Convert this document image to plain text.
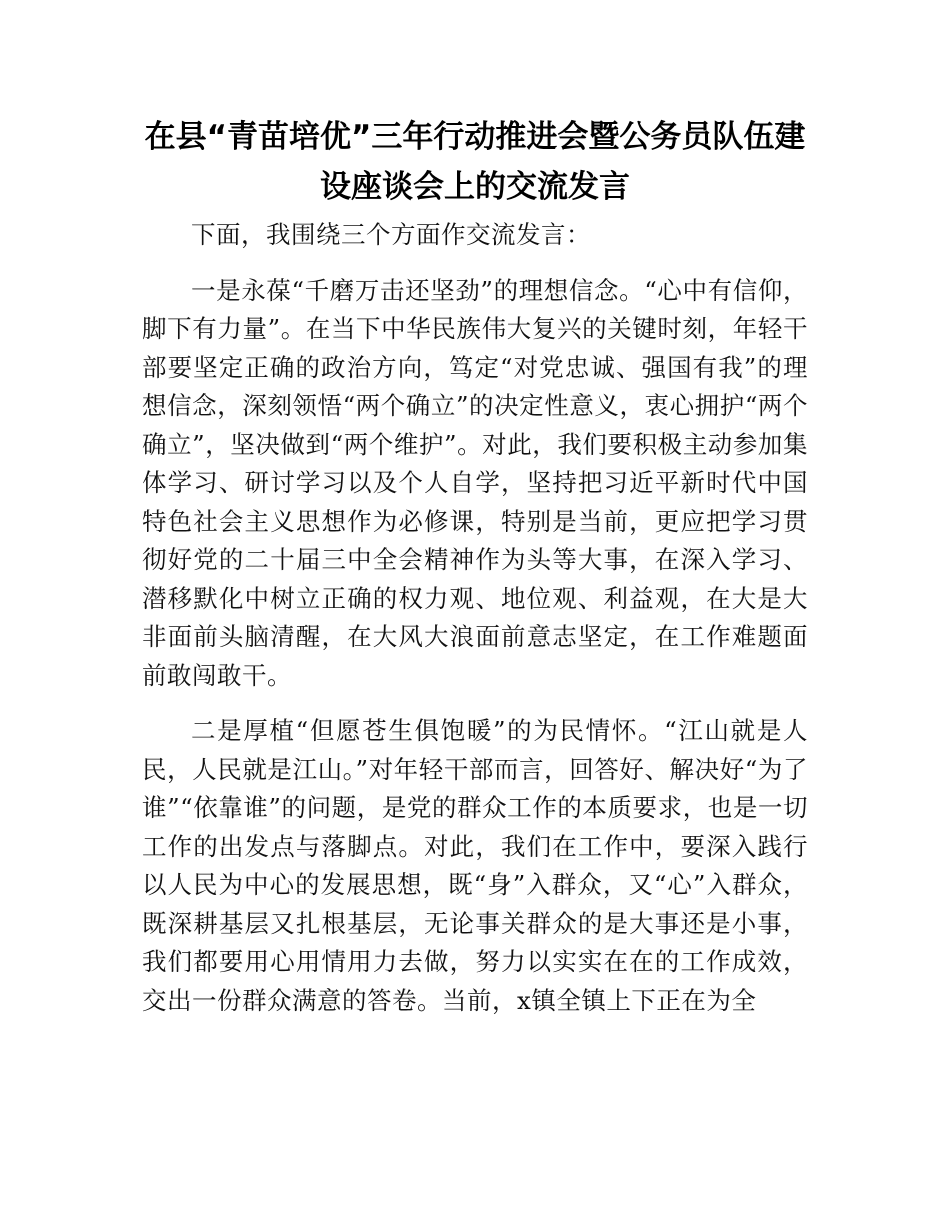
在县“青苗培优”三年行动推进会暨公务员队伍建设座谈会上的交流发言

下面，我围绕三个方面作交流发言：

一是永葆“千磨万击还坚劲”的理想信念。“心中有信仰，脚下有力量”。在当下中华民族伟大复兴的关键时刻，年轻干部要坚定正确的政治方向，笃定“对党忠诚、强国有我”的理想信念，深刻领悟“两个确立”的决定性意义，衷心拥护“两个确立”，坚决做到“两个维护”。对此，我们要积极主动参加集体学习、研讨学习以及个人自学，坚持把习近平新时代中国特色社会主义思想作为必修课，特别是当前，更应把学习贯彻好党的二十届三中全会精神作为头等大事，在深入学习、潜移默化中树立正确的权力观、地位观、利益观，在大是大非面前头脑清醒，在大风大浪面前意志坚定，在工作难题面前敢闯敢干。

二是厚植“但愿苍生俱饱暖”的为民情怀。“江山就是人民，人民就是江山。”对年轻干部而言，回答好、解决好“为了谁”“依靠谁”的问题，是党的群众工作的本质要求，也是一切工作的出发点与落脚点。对此，我们在工作中，要深入践行以人民为中心的发展思想，既“身”入群众，又“心”入群众，既深耕基层又扎根基层，无论事关群众的是大事还是小事，我们都要用心用情用力去做，努力以实实在在的工作成效，交出一份群众满意的答卷。当前，x镇全镇上下正在为全
